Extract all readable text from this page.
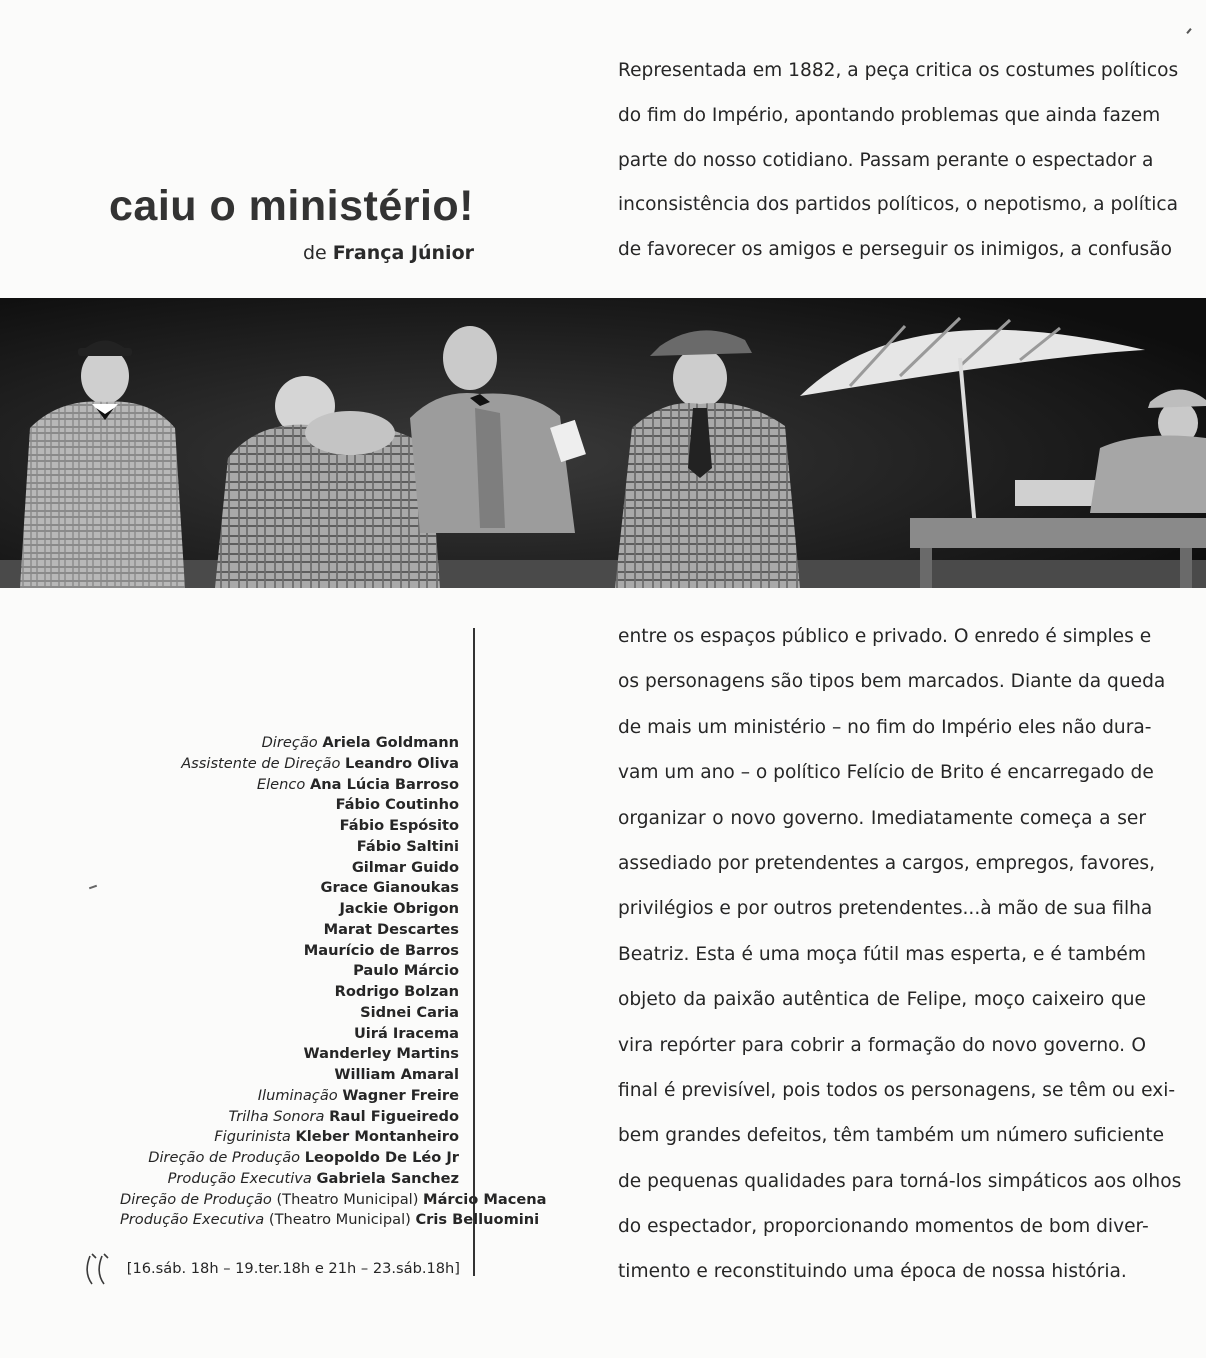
caiu o ministério!
de França Júnior
Representada em 1882, a peça critica os costumes políticos
do fim do Império, apontando problemas que ainda fazem
parte do nosso cotidiano. Passam perante o espectador a
inconsistência dos partidos políticos, o nepotismo, a política
de favorecer os amigos e perseguir os inimigos, a confusão
Direção Ariela Goldmann
Assistente de Direção Leandro Oliva
Elenco Ana Lúcia Barroso
Fábio Coutinho
Fábio Espósito
Fábio Saltini
Gilmar Guido
Grace Gianoukas
Jackie Obrigon
Marat Descartes
Maurício de Barros
Paulo Márcio
Rodrigo Bolzan
Sidnei Caria
Uirá Iracema
Wanderley Martins
William Amaral
Iluminação Wagner Freire
Trilha Sonora Raul Figueiredo
Figurinista Kleber Montanheiro
Direção de Produção Leopoldo De Léo Jr
Produção Executiva Gabriela Sanchez
Direção de Produção (Theatro Municipal) Márcio Macena
Produção Executiva (Theatro Municipal) Cris Belluomini
[16.sáb. 18h – 19.ter.18h e 21h – 23.sáb.18h]
entre os espaços público e privado. O enredo é simples e
os personagens são tipos bem marcados. Diante da queda
de mais um ministério – no fim do Império eles não dura-
vam um ano – o político Felício de Brito é encarregado de
organizar o novo governo. Imediatamente começa a ser
assediado por pretendentes a cargos, empregos, favores,
privilégios e por outros pretendentes...à mão de sua filha
Beatriz. Esta é uma moça fútil mas esperta, e é também
objeto da paixão autêntica de Felipe, moço caixeiro que
vira repórter para cobrir a formação do novo governo. O
final é previsível, pois todos os personagens, se têm ou exi-
bem grandes defeitos, têm também um número suficiente
de pequenas qualidades para torná-los simpáticos aos olhos
do espectador, proporcionando momentos de bom diver-
timento e reconstituindo uma época de nossa história.
